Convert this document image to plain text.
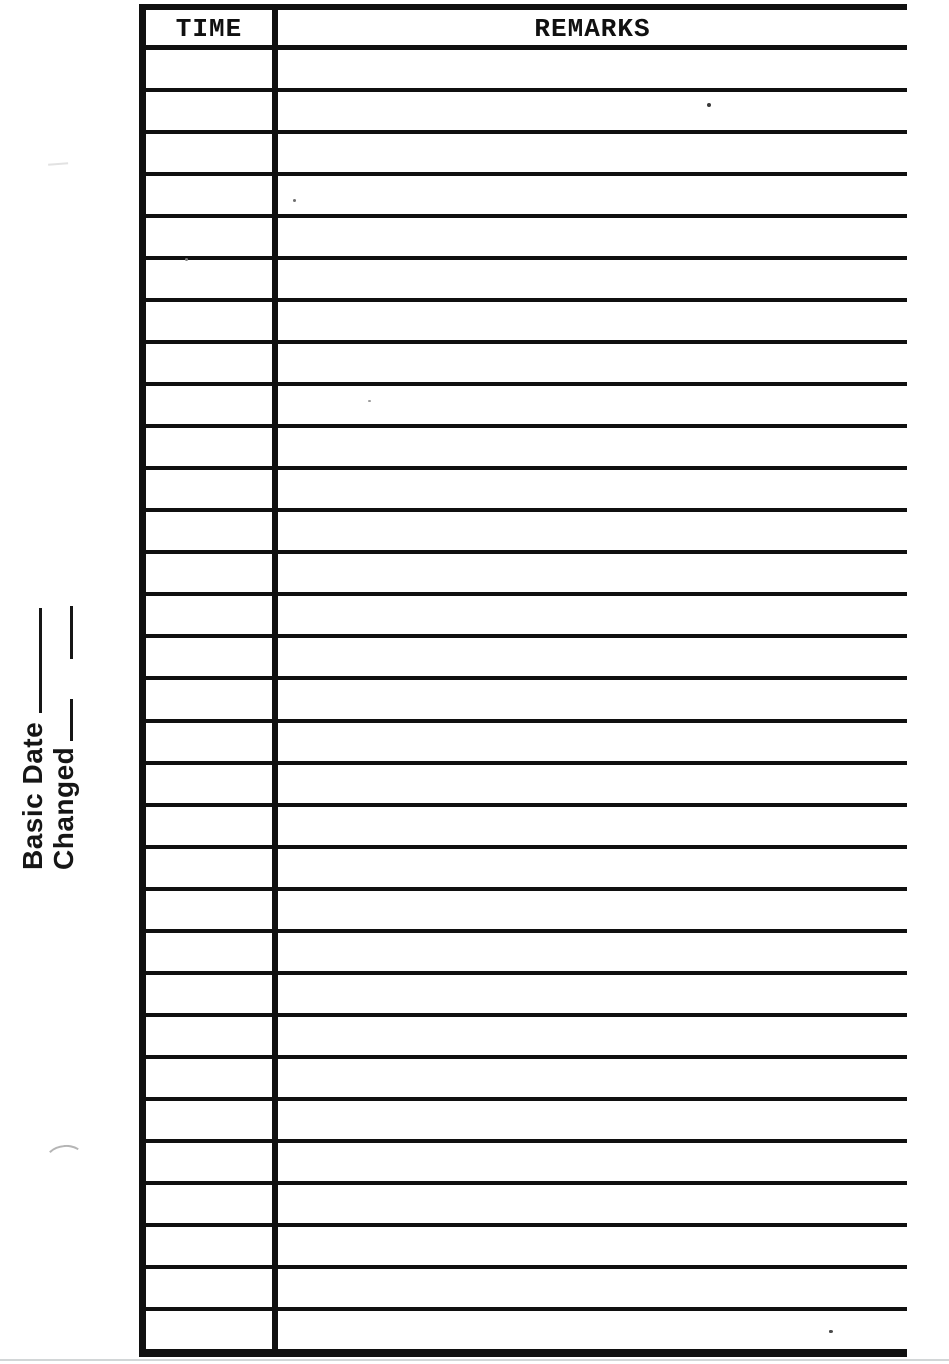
Basic Date Changed
TIME	REMARKS
